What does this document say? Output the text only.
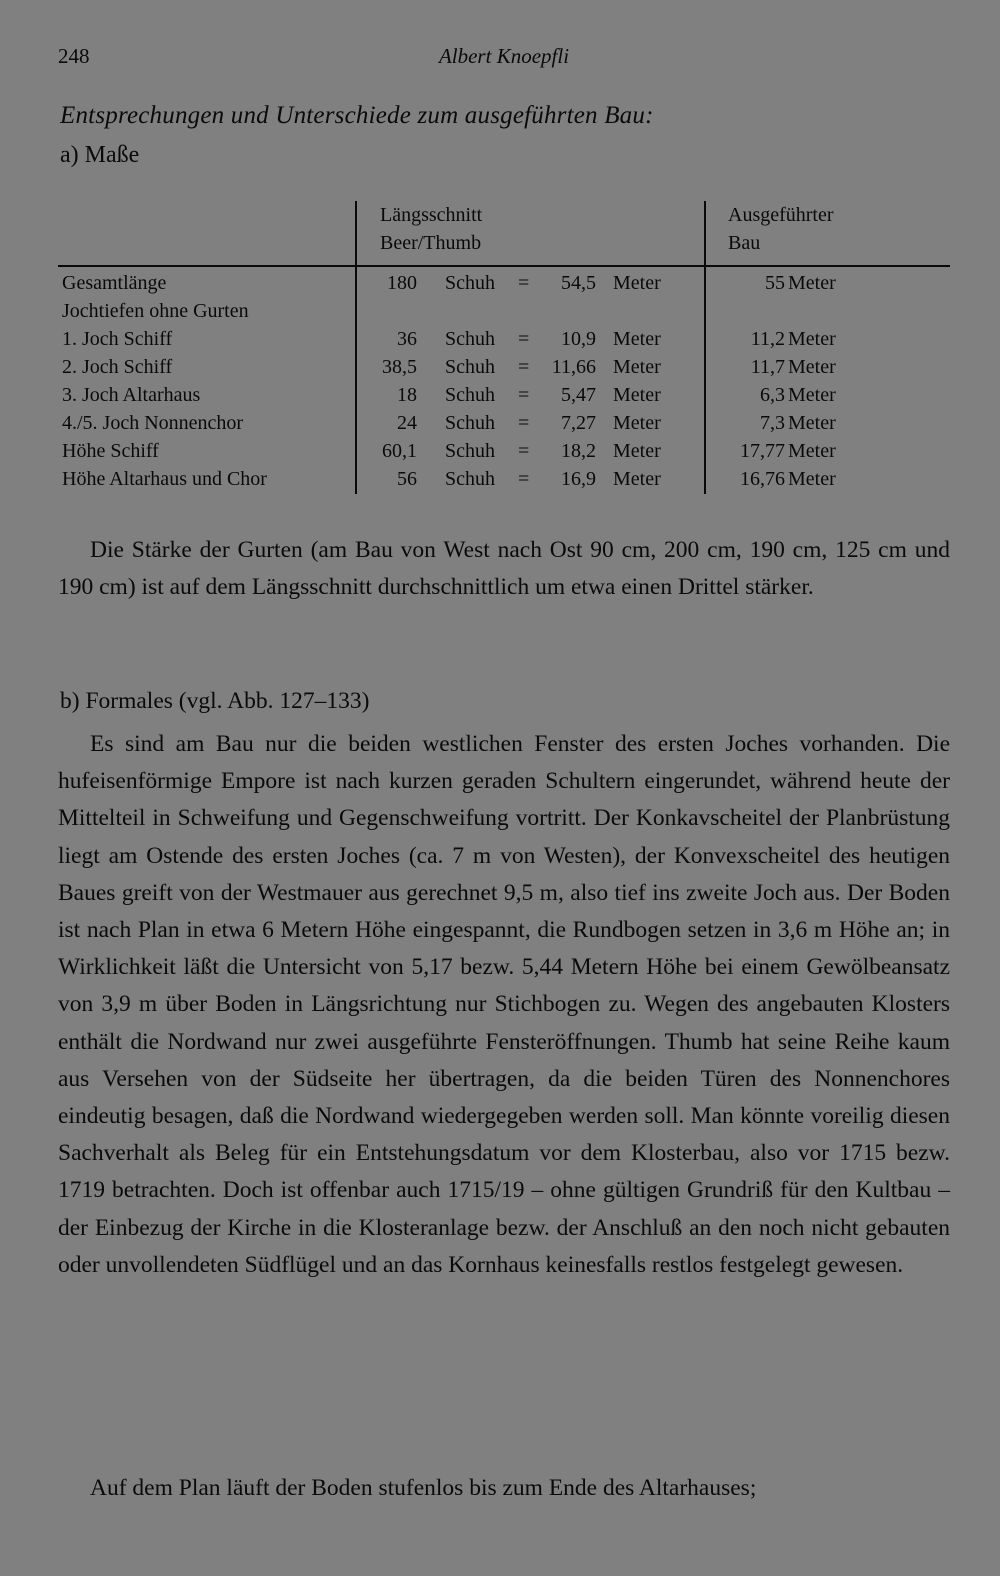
248	Albert Knoepfli
Entsprechungen und Unterschiede zum ausgeführten Bau:
a) Maße
Längsschnitt
Beer/Thumb
Ausgeführter
Bau
Gesamtlänge	180 Schuh =	54,5 Meter	55 Meter
Jochtiefen ohne Gurten
1. Joch Schiff	36 Schuh =	10,9 Meter	11,2 Meter
2. Joch Schiff	38,5 Schuh =	11,66 Meter	11,7 Meter
3. Joch Altarhaus	18 Schuh =	5,47 Meter	6,3 Meter
4./5. Joch Nonnenchor	24 Schuh =	7,27 Meter	7,3 Meter
Höhe Schiff	60,1 Schuh =	18,2 Meter	17,77 Meter
Höhe Altarhaus und Chor	56 Schuh =	16,9 Meter	16,76 Meter

Die Stärke der Gurten (am Bau von West nach Ost 90 cm, 200 cm, 190 cm, 125 cm und 190 cm) ist auf dem Längsschnitt durchschnittlich um etwa einen Drittel stärker.

b) Formales (vgl. Abb. 127–133)

Es sind am Bau nur die beiden westlichen Fenster des ersten Joches vorhanden. Die hufeisenförmige Empore ist nach kurzen geraden Schultern eingerundet, während heute der Mittelteil in Schweifung und Gegenschweifung vortritt. Der Konkavscheitel der Planbrüstung liegt am Ostende des ersten Joches (ca. 7 m von Westen), der Konvexscheitel des heutigen Baues greift von der Westmauer aus gerechnet 9,5 m, also tief ins zweite Joch aus. Der Boden ist nach Plan in etwa 6 Metern Höhe eingespannt, die Rundbogen setzen in 3,6 m Höhe an; in Wirklichkeit läßt die Untersicht von 5,17 bezw. 5,44 Metern Höhe bei einem Gewölbeansatz von 3,9 m über Boden in Längsrichtung nur Stichbogen zu. Wegen des angebauten Klosters enthält die Nordwand nur zwei ausgeführte Fensteröffnungen. Thumb hat seine Reihe kaum aus Versehen von der Südseite her übertragen, da die beiden Türen des Nonnenchores eindeutig besagen, daß die Nordwand wiedergegeben werden soll. Man könnte voreilig diesen Sachverhalt als Beleg für ein Entstehungsdatum vor dem Klosterbau, also vor 1715 bezw. 1719 betrachten. Doch ist offenbar auch 1715/19 – ohne gültigen Grundriß für den Kultbau – der Einbezug der Kirche in die Klosteranlage bezw. der Anschluß an den noch nicht gebauten oder unvollendeten Südflügel und an das Kornhaus keinesfalls restlos festgelegt gewesen.

Auf dem Plan läuft der Boden stufenlos bis zum Ende des Altarhauses;
